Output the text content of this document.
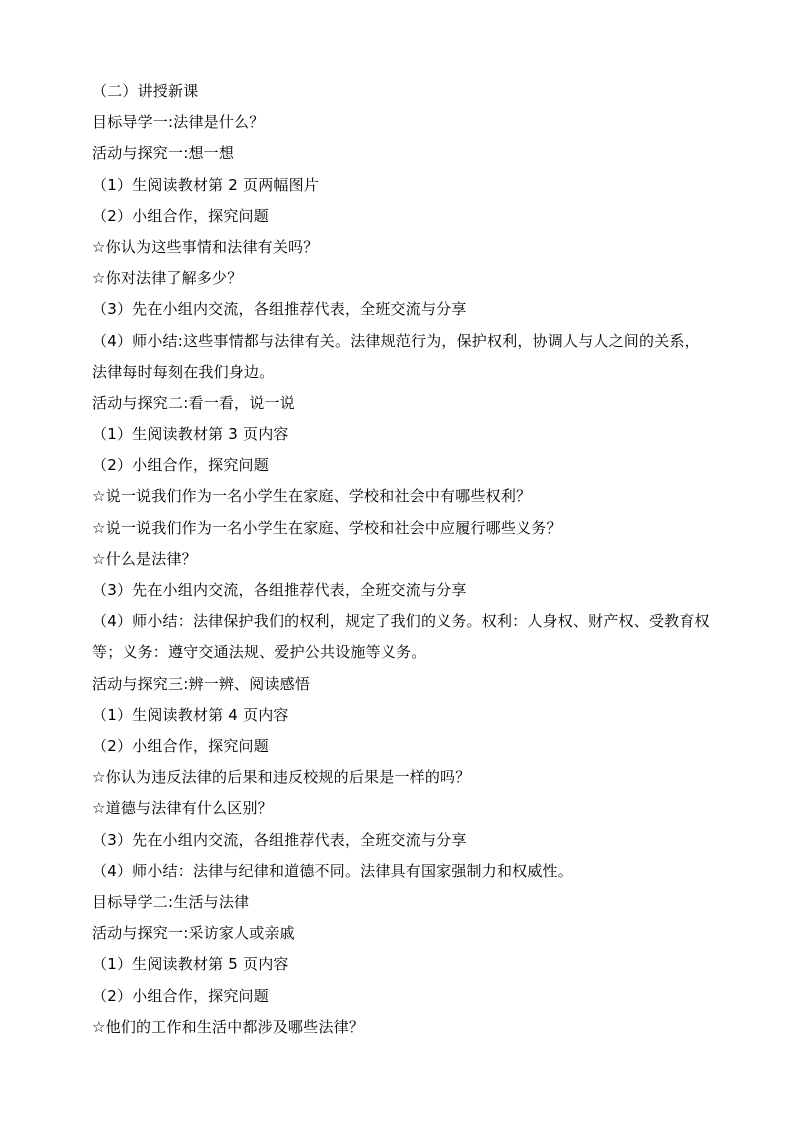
（二）讲授新课
目标导学一:法律是什么？
活动与探究一:想一想
（1）生阅读教材第 2 页两幅图片
（2）小组合作，探究问题
☆你认为这些事情和法律有关吗？
☆你对法律了解多少？
（3）先在小组内交流，各组推荐代表，全班交流与分享
（4）师小结:这些事情都与法律有关。法律规范行为，保护权利，协调人与人之间的关系，法律每时每刻在我们身边。
活动与探究二:看一看，说一说
（1）生阅读教材第 3 页内容
（2）小组合作，探究问题
☆说一说我们作为一名小学生在家庭、学校和社会中有哪些权利？
☆说一说我们作为一名小学生在家庭、学校和社会中应履行哪些义务？
☆什么是法律？
（3）先在小组内交流，各组推荐代表，全班交流与分享
（4）师小结：法律保护我们的权利，规定了我们的义务。权利：人身权、财产权、受教育权等；义务：遵守交通法规、爱护公共设施等义务。
活动与探究三:辨一辨、阅读感悟
（1）生阅读教材第 4 页内容
（2）小组合作，探究问题
☆你认为违反法律的后果和违反校规的后果是一样的吗？
☆道德与法律有什么区别？
（3）先在小组内交流，各组推荐代表，全班交流与分享
（4）师小结：法律与纪律和道德不同。法律具有国家强制力和权威性。
目标导学二:生活与法律
活动与探究一:采访家人或亲戚
（1）生阅读教材第 5 页内容
（2）小组合作，探究问题
☆他们的工作和生活中都涉及哪些法律？
